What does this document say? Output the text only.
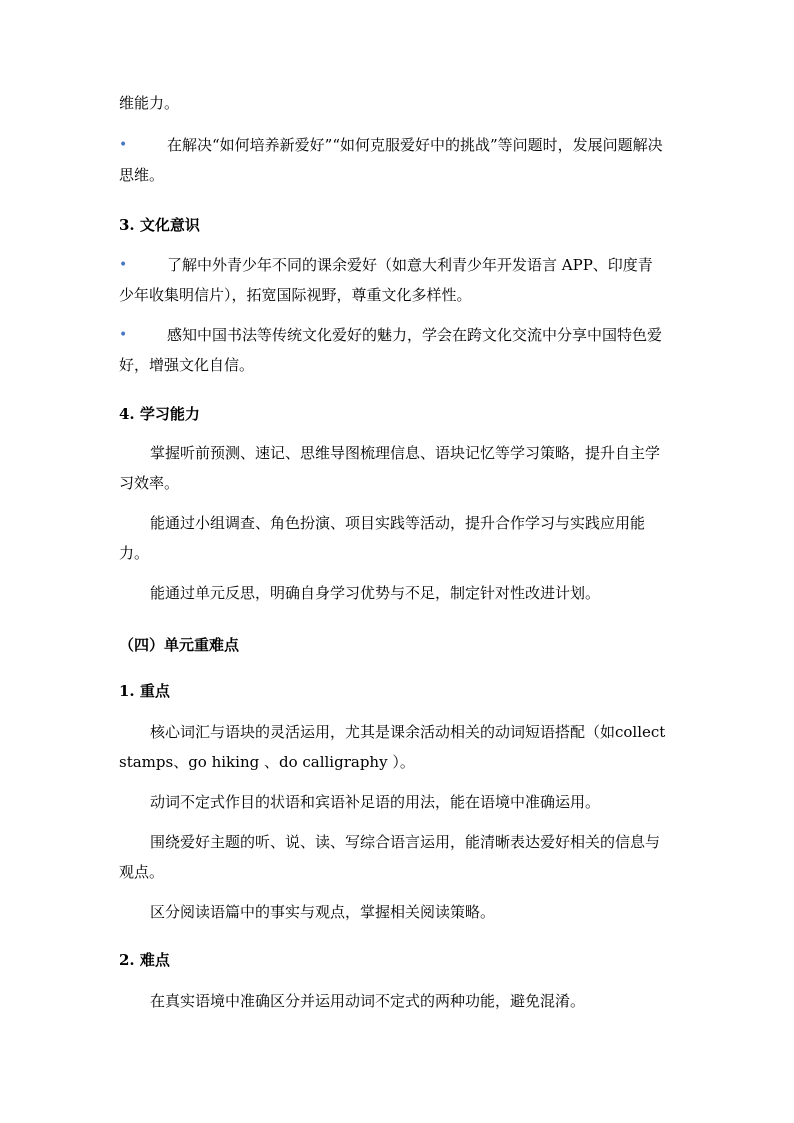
维能力。

•	在解决“如何培养新爱好”“如何克服爱好中的挑战”等问题时，发展问题解决思维。

3. 文化意识

•	了解中外青少年不同的课余爱好（如意大利青少年开发语言 APP、印度青少年收集明信片），拓宽国际视野，尊重文化多样性。
•	感知中国书法等传统文化爱好的魅力，学会在跨文化交流中分享中国特色爱好，增强文化自信。

4. 学习能力

掌握听前预测、速记、思维导图梳理信息、语块记忆等学习策略，提升自主学习效率。

能通过小组调查、角色扮演、项目实践等活动，提升合作学习与实践应用能力。

能通过单元反思，明确自身学习优势与不足，制定针对性改进计划。

（四）单元重难点

1. 重点

核心词汇与语块的灵活运用，尤其是课余活动相关的动词短语搭配（如collect stamps、go hiking 、do calligraphy ）。

动词不定式作目的状语和宾语补足语的用法，能在语境中准确运用。

围绕爱好主题的听、说、读、写综合语言运用，能清晰表达爱好相关的信息与观点。

区分阅读语篇中的事实与观点，掌握相关阅读策略。

2. 难点

在真实语境中准确区分并运用动词不定式的两种功能，避免混淆。
